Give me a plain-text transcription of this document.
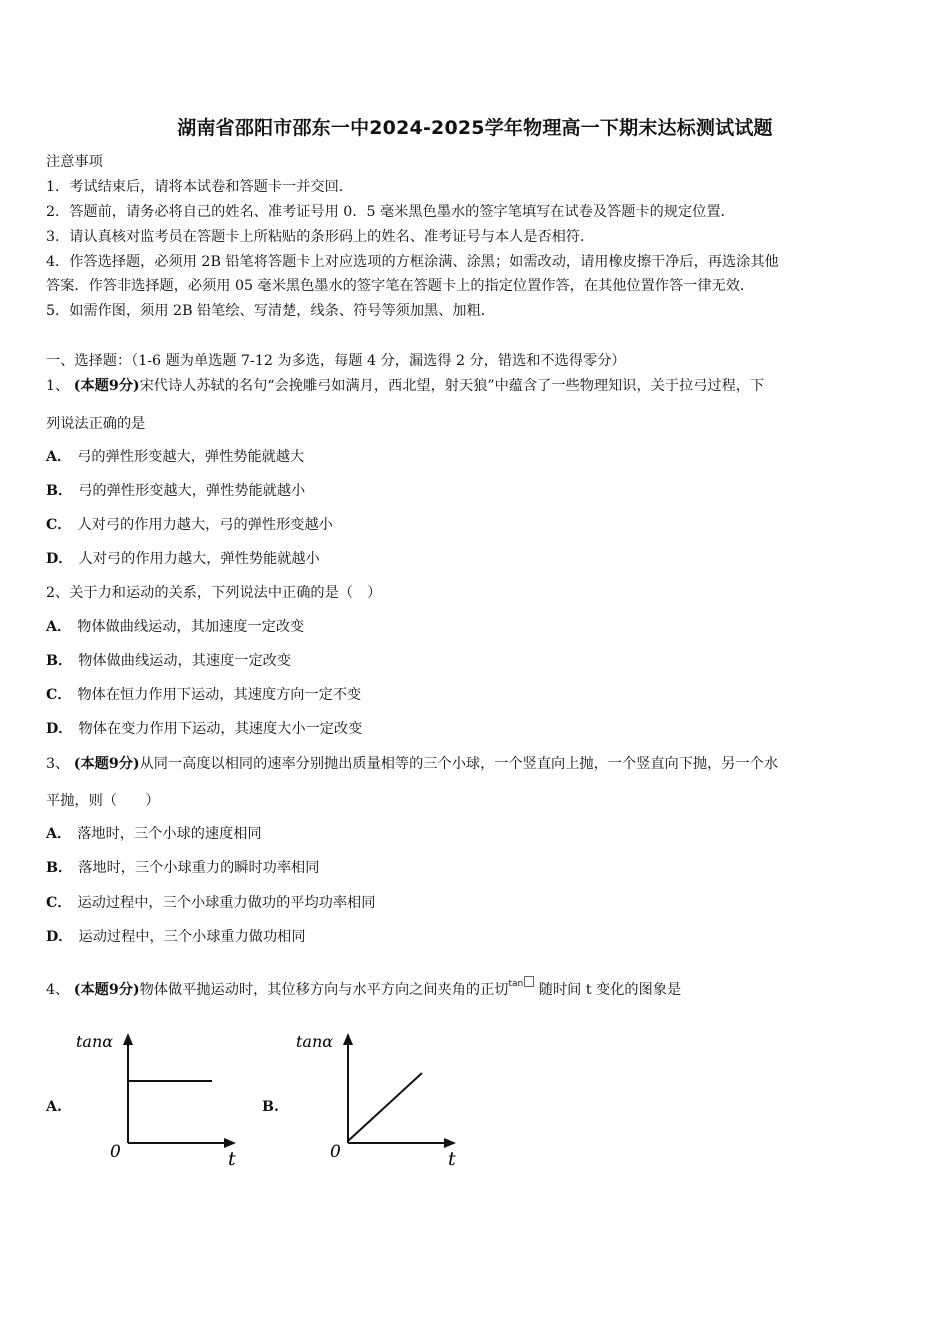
湖南省邵阳市邵东一中2024-2025学年物理高一下期末达标测试试题
注意事项
1．考试结束后，请将本试卷和答题卡一并交回．
2．答题前，请务必将自己的姓名、准考证号用 0．5 毫米黑色墨水的签字笔填写在试卷及答题卡的规定位置．
3．请认真核对监考员在答题卡上所粘贴的条形码上的姓名、准考证号与本人是否相符．
4．作答选择题，必须用 2B 铅笔将答题卡上对应选项的方框涂满、涂黑；如需改动，请用橡皮擦干净后，再选涂其他
答案．作答非选择题，必须用 05 毫米黑色墨水的签字笔在答题卡上的指定位置作答，在其他位置作答一律无效．
5．如需作图，须用 2B 铅笔绘、写清楚，线条、符号等须加黑、加粗．
一、选择题：（1-6 题为单选题 7-12 为多选，每题 4 分，漏选得 2 分，错选和不选得零分）
1、 (本题9分)宋代诗人苏轼的名句“会挽雕弓如满月，西北望，射天狼”中蕴含了一些物理知识，关于拉弓过程，下
列说法正确的是
A． 弓的弹性形变越大，弹性势能就越大
B． 弓的弹性形变越大，弹性势能就越小
C． 人对弓的作用力越大，弓的弹性形变越小
D． 人对弓的作用力越大，弹性势能就越小
2、关于力和运动的关系，下列说法中正确的是（　）
A． 物体做曲线运动，其加速度一定改变
B． 物体做曲线运动，其速度一定改变
C． 物体在恒力作用下运动，其速度方向一定不变
D． 物体在变力作用下运动，其速度大小一定改变
3、 (本题9分)从同一高度以相同的速率分别抛出质量相等的三个小球，一个竖直向上抛，一个竖直向下抛，另一个水
平抛，则（　　）
A． 落地时，三个小球的速度相同
B． 落地时，三个小球重力的瞬时功率相同
C． 运动过程中，三个小球重力做功的平均功率相同
D． 运动过程中，三个小球重力做功相同
4、 (本题9分)物体做平抛运动时，其位移方向与水平方向之间夹角的正切$^{tan}$ 随时间 t 变化的图象是
A.
tanα
0	t
B.
tanα
0	t
